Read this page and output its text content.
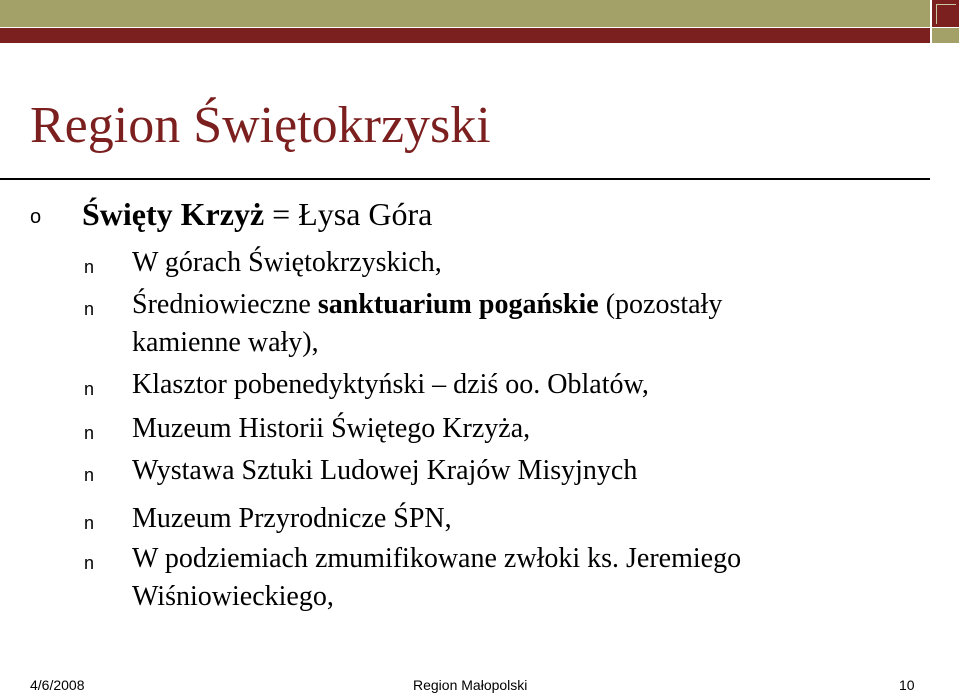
Region Świętokrzyski
o Święty Krzyż = Łysa Góra
n W górach Świętokrzyskich,
n Średniowieczne sanktuarium pogańskie (pozostały
kamienne wały),
n Klasztor pobenedyktyński – dziś oo. Oblatów,
n Muzeum Historii Świętego Krzyża,
n Wystawa Sztuki Ludowej Krajów Misyjnych
n Muzeum Przyrodnicze ŚPN,
n W podziemiach zmumifikowane zwłoki ks. Jeremiego
Wiśniowieckiego,
4/6/2008	Region Małopolski	10
